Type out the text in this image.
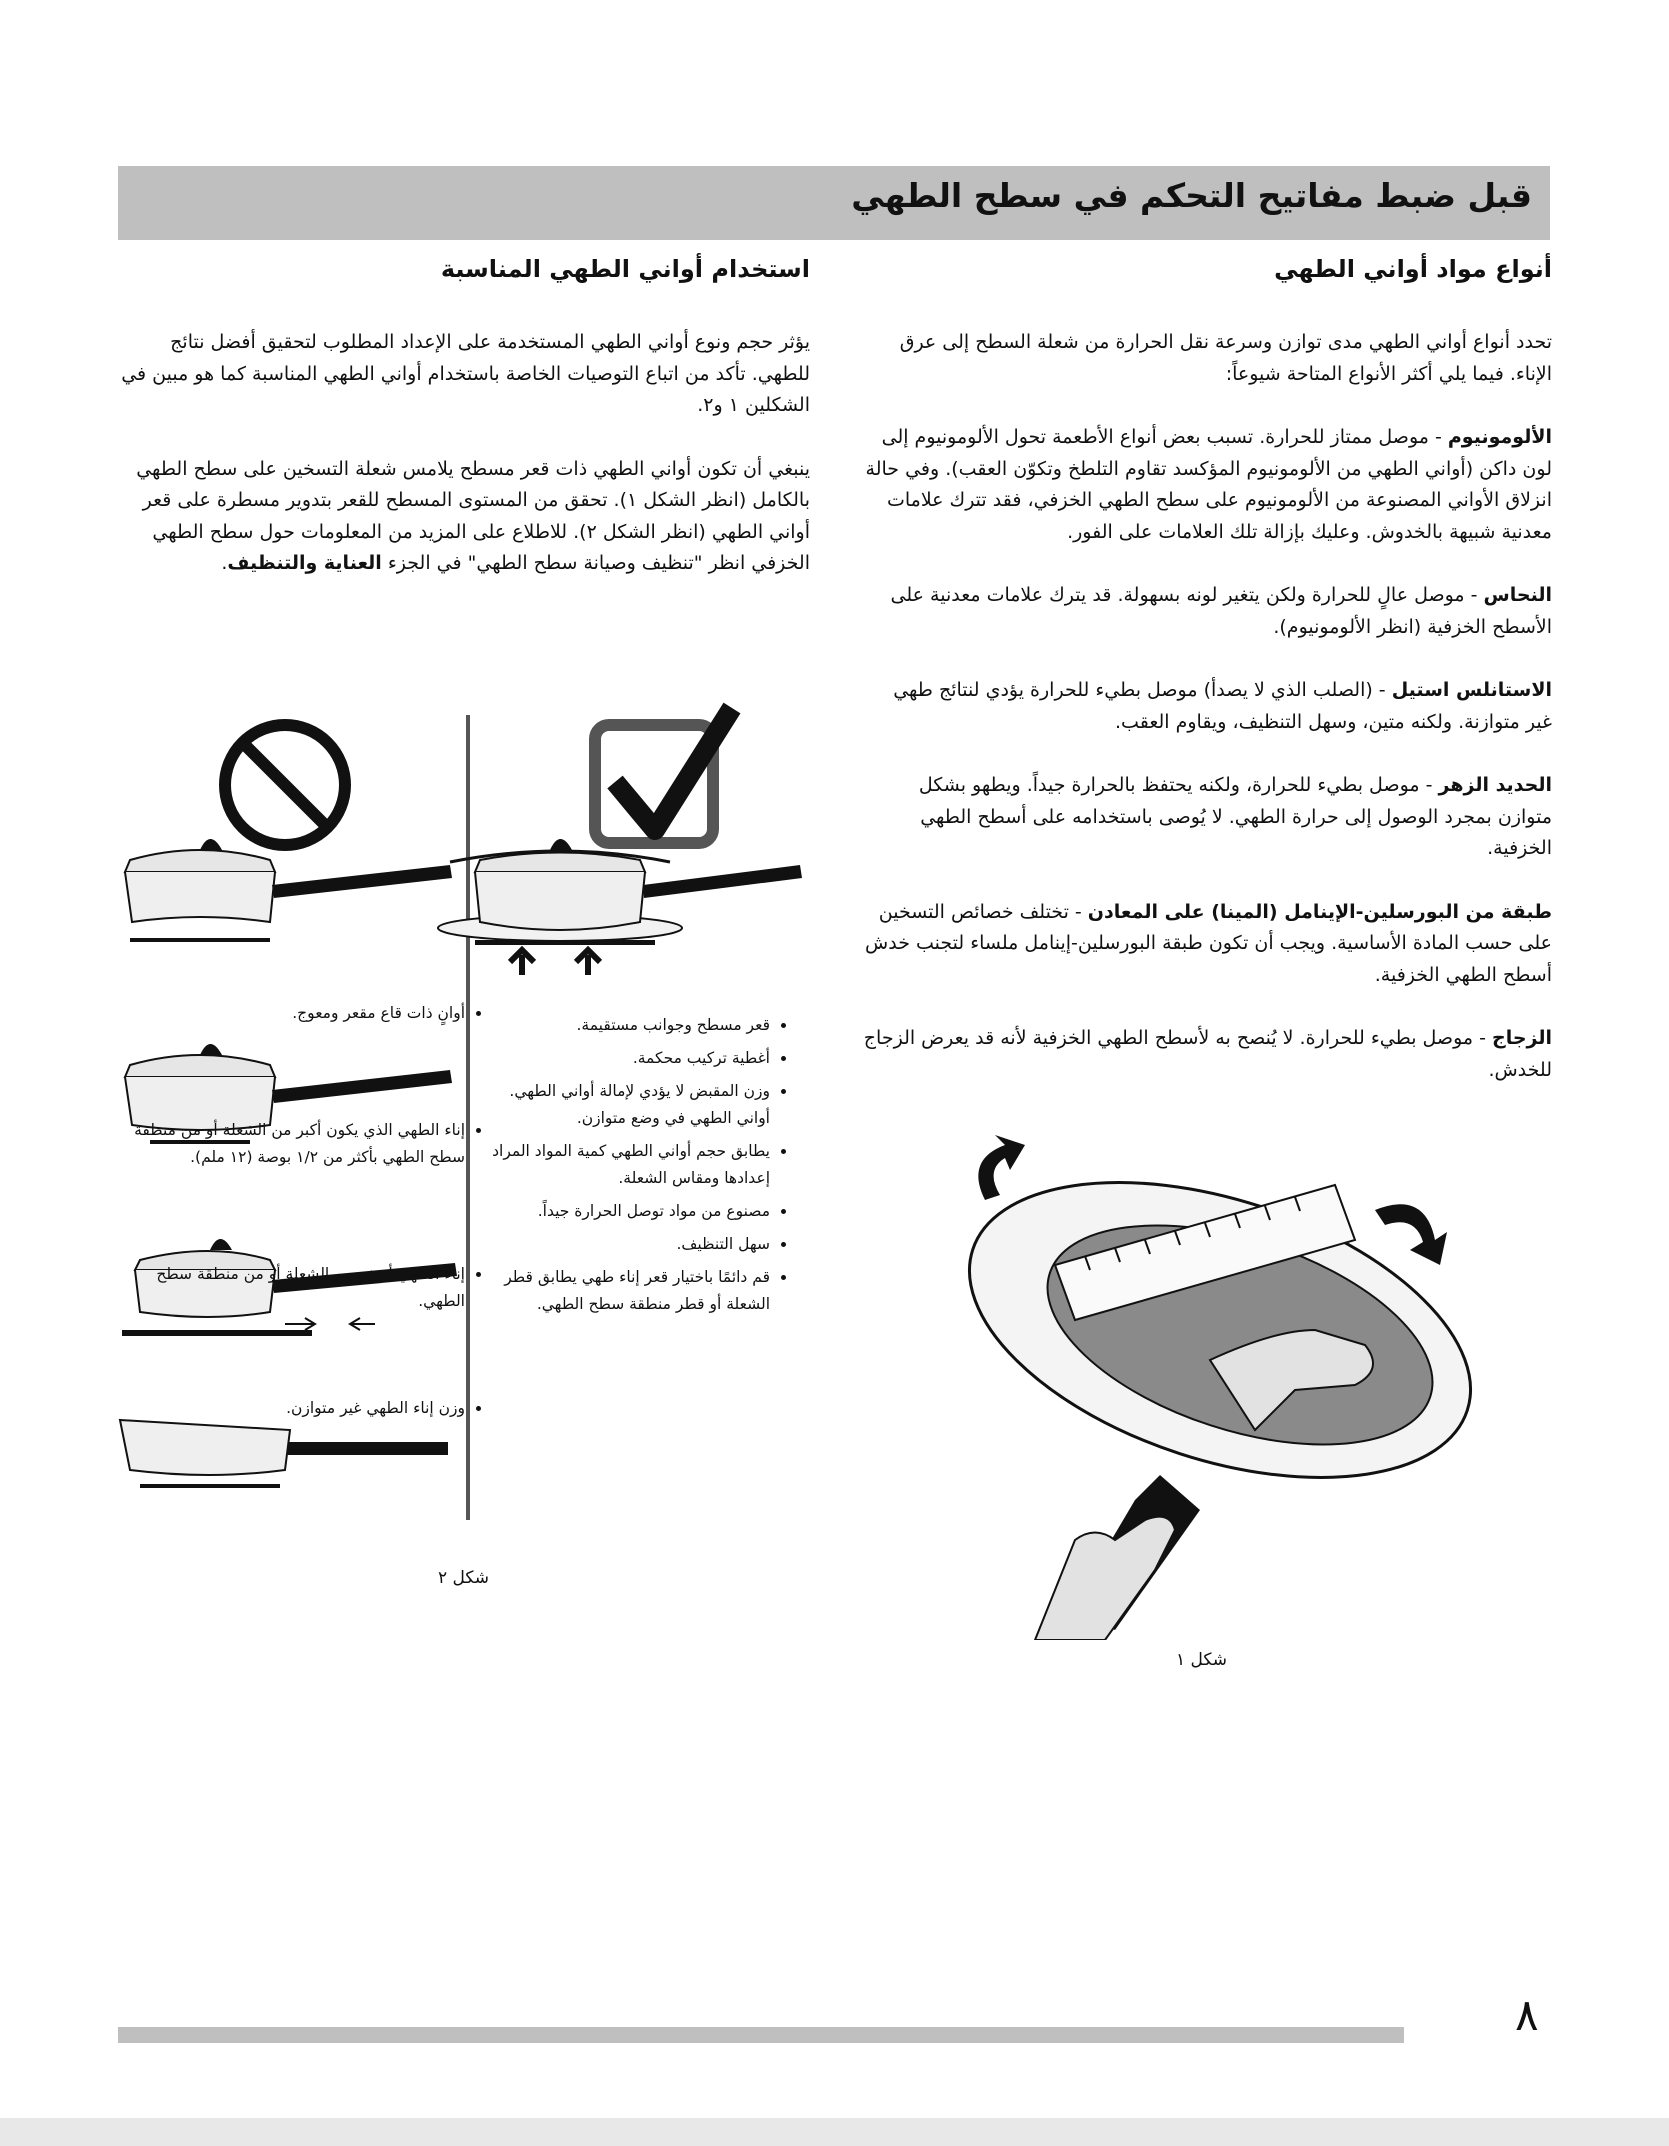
قبل ضبط مفاتيح التحكم في سطح الطهي
أنواع مواد أواني الطهي

تحدد أنواع أواني الطهي مدى توازن وسرعة نقل الحرارة من شعلة السطح إلى عرق الإناء. فيما يلي أكثر الأنواع المتاحة شيوعاً:

الألومونيوم - موصل ممتاز للحرارة. تسبب بعض أنواع الأطعمة تحول الألومونيوم إلى لون داكن (أواني الطهي من الألومونيوم المؤكسد تقاوم التلطخ وتكوّن العقب). وفي حالة انزلاق الأواني المصنوعة من الألومونيوم على سطح الطهي الخزفي، فقد تترك علامات معدنية شبيهة بالخدوش. وعليك بإزالة تلك العلامات على الفور.

النحاس - موصل عالٍ للحرارة ولكن يتغير لونه بسهولة. قد يترك علامات معدنية على الأسطح الخزفية (انظر الألومونيوم).

الاستانلس استيل - (الصلب الذي لا يصدأ) موصل بطيء للحرارة يؤدي لنتائج طهي غير متوازنة. ولكنه متين، وسهل التنظيف، ويقاوم العقب.

الحديد الزهر - موصل بطيء للحرارة، ولكنه يحتفظ بالحرارة جيداً. ويطهو بشكل متوازن بمجرد الوصول إلى حرارة الطهي. لا يُوصى باستخدامه على أسطح الطهي الخزفية.

طبقة من البورسلين-الإينامل (المينا) على المعادن - تختلف خصائص التسخين على حسب المادة الأساسية. ويجب أن تكون طبقة البورسلين-إينامل ملساء لتجنب خدش أسطح الطهي الخزفية.

الزجاج - موصل بطيء للحرارة. لا يُنصح به لأسطح الطهي الخزفية لأنه قد يعرض الزجاج للخدش.

استخدام أواني الطهي المناسبة

يؤثر حجم ونوع أواني الطهي المستخدمة على الإعداد المطلوب لتحقيق أفضل نتائج للطهي. تأكد من اتباع التوصيات الخاصة باستخدام أواني الطهي المناسبة كما هو مبين في الشكلين ١ و٢.

ينبغي أن تكون أواني الطهي ذات قعر مسطح يلامس شعلة التسخين على سطح الطهي بالكامل (انظر الشكل ١). تحقق من المستوى المسطح للقعر بتدوير مسطرة على قعر أواني الطهي (انظر الشكل ٢). للاطلاع على المزيد من المعلومات حول سطح الطهي الخزفي انظر "تنظيف وصيانة سطح الطهي" في الجزء العناية والتنظيف.

• قعر مسطح وجوانب مستقيمة.
• أغطية تركيب محكمة.
• وزن المقبض لا يؤدي لإمالة أواني الطهي. أواني الطهي في وضع متوازن.
• يطابق حجم أواني الطهي كمية المواد المراد إعدادها ومقاس الشعلة.
• مصنوع من مواد توصل الحرارة جيداً.
• سهل التنظيف.
• قم دائمًا باختيار قعر إناء طهي يطابق قطر الشعلة أو قطر منطقة سطح الطهي.
• أوانٍ ذات قاع مقعر ومعوج.
• إناء الطهي الذي يكون أكبر من الشعلة أو من منطقة سطح الطهي بأكثر من ١/٢ بوصة (١٢ ملم).
• إناء الطهي أصغر من الشعلة أو من منطقة سطح الطهي.
• وزن إناء الطهي غير متوازن.
شكل ٢
شكل ١
٨
